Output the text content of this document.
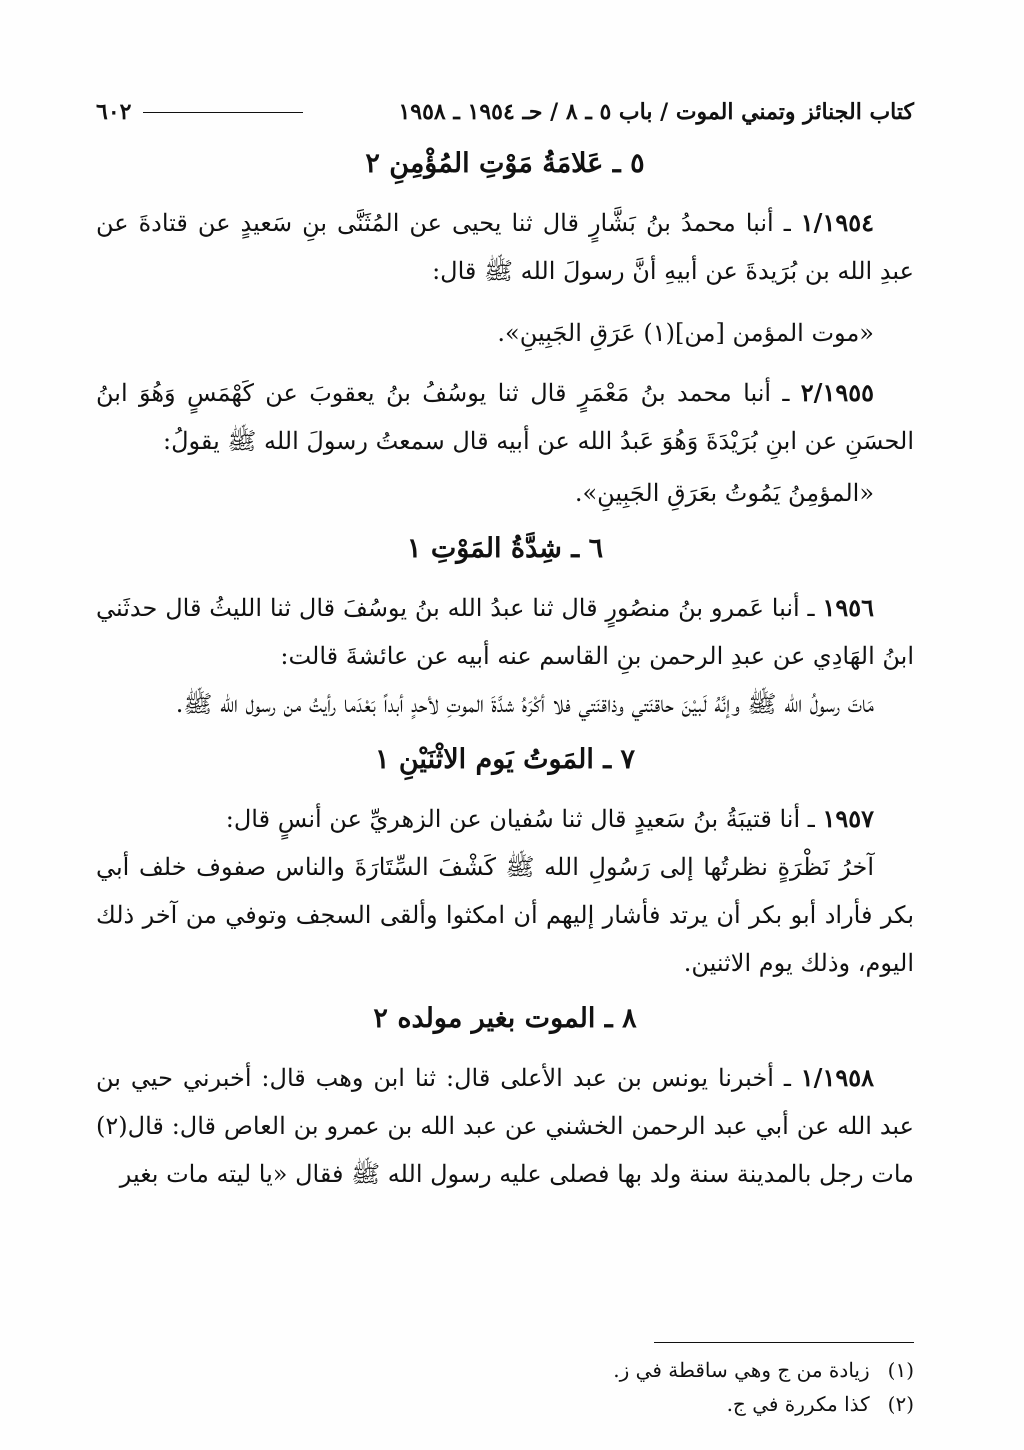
كتاب الجنائز وتمني الموت / باب ٥ ـ ٨ / حـ ١٩٥٤ ـ ١٩٥٨
٦٠٢
٥ ـ عَلامَةُ مَوْتِ المُؤْمِنِ ٢

١/١٩٥٤ ـ أنبا محمدُ بنُ بَشَّارٍ قال ثنا يحيى عن المُثَنَّى بنِ سَعيدٍ عن قتادةَ عن عبدِ الله بن بُرَيدةَ عن أبيهِ أنَّ رسولَ الله ﷺ قال:

«موت المؤمن [من](١) عَرَقِ الجَبِينِ».

٢/١٩٥٥ ـ أنبا محمد بنُ مَعْمَرٍ قال ثنا يوسُفُ بنُ يعقوبَ عن كَهْمَسٍ وَهُوَ ابنُ الحسَنِ عن ابنِ بُرَيْدَةَ وَهُوَ عَبدُ الله عن أبيه قال سمعتُ رسولَ الله ﷺ يقولُ:

«المؤمِنُ يَمُوتُ بعَرَقِ الجَبِينِ».

٦ ـ شِدَّةُ المَوْتِ ١

١٩٥٦ ـ أنبا عَمرو بنُ منصُورٍ قال ثنا عبدُ الله بنُ يوسُفَ قال ثنا الليثُ قال حدثَني ابنُ الهَادِي عن عبدِ الرحمن بنِ القاسم عنه أبيه عن عائشةَ قالت:

مَاتَ رسولُ الله ﷺ وإنَّهُ لَبيْنَ حاقنَتي وذاقنَتي فلا أكْرَهُ شدَّةَ الموتِ لأحدٍ أبداً بَعْدَما رأيتُ من رسول الله ﷺ.

٧ ـ المَوتُ يَوم الاثْنَيْنِ ١

١٩٥٧ ـ أنا قتيبَةُ بنُ سَعيدٍ قال ثنا سُفيان عن الزهريِّ عن أنسٍ قال:

آخرُ نَظْرَةٍ نظرتُها إلى رَسُولِ الله ﷺ كَشْفَ السِّتَارَةَ والناس صفوف خلف أبي بكر فأراد أبو بكر أن يرتد فأشار إليهم أن امكثوا وألقى السجف وتوفي من آخر ذلك اليوم، وذلك يوم الاثنين.

٨ ـ الموت بغير مولده ٢

١/١٩٥٨ ـ أخبرنا يونس بن عبد الأعلى قال: ثنا ابن وهب قال: أخبرني حيي بن عبد الله عن أبي عبد الرحمن الخشني عن عبد الله بن عمرو بن العاص قال: قال(٢) مات رجل بالمدينة سنة ولد بها فصلى عليه رسول الله ﷺ فقال «يا ليته مات بغير

(١) زيادة من ج وهي ساقطة في ز.
(٢) كذا مكررة في ج.
